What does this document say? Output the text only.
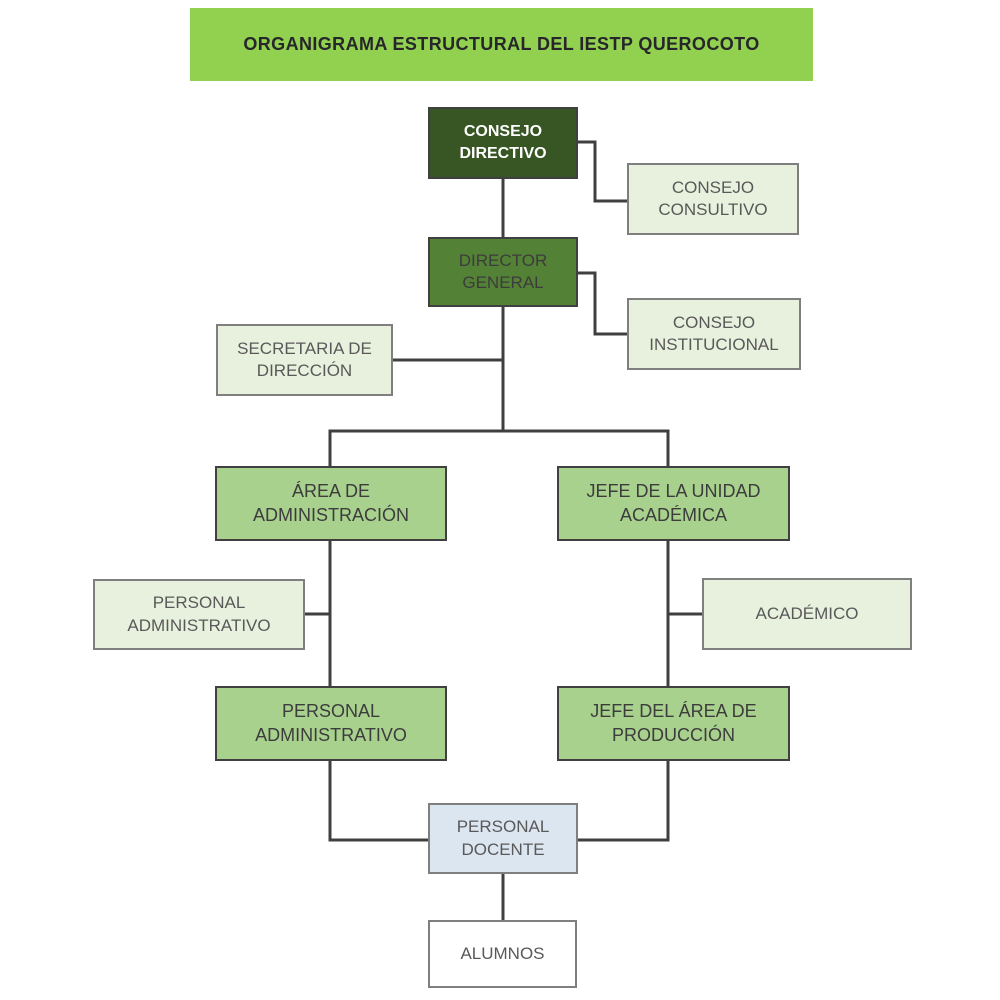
ORGANIGRAMA ESTRUCTURAL DEL IESTP QUEROCOTO
CONSEJO DIRECTIVO
CONSEJO CONSULTIVO
DIRECTOR GENERAL
CONSEJO INSTITUCIONAL
SECRETARIA DE DIRECCIÓN
ÁREA DE ADMINISTRACIÓN
JEFE DE LA UNIDAD ACADÉMICA
PERSONAL ADMINISTRATIVO
ACADÉMICO
PERSONAL ADMINISTRATIVO
JEFE DEL ÁREA DE PRODUCCIÓN
PERSONAL DOCENTE
ALUMNOS
